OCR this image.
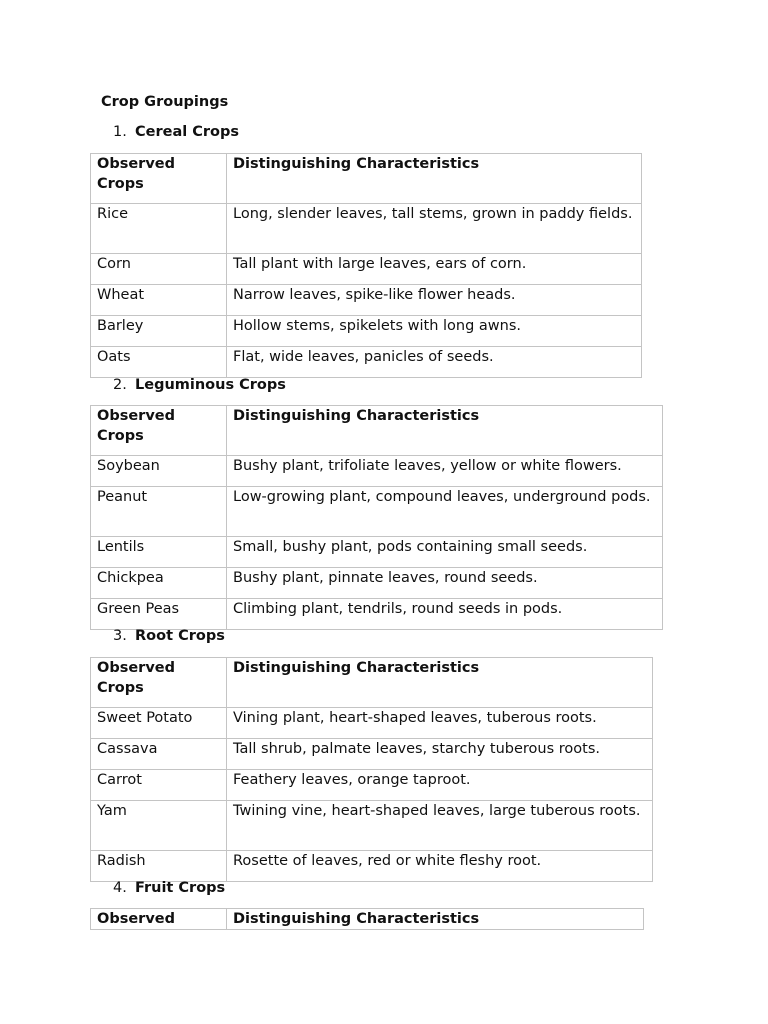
Crop Groupings
1. Cereal Crops
Observed Crops	Distinguishing Characteristics
Rice	Long, slender leaves, tall stems, grown in paddy fields.
Corn	Tall plant with large leaves, ears of corn.
Wheat	Narrow leaves, spike-like flower heads.
Barley	Hollow stems, spikelets with long awns.
Oats	Flat, wide leaves, panicles of seeds.
2. Leguminous Crops
Observed Crops	Distinguishing Characteristics
Soybean	Bushy plant, trifoliate leaves, yellow or white flowers.
Peanut	Low-growing plant, compound leaves, underground pods.
Lentils	Small, bushy plant, pods containing small seeds.
Chickpea	Bushy plant, pinnate leaves, round seeds.
Green Peas	Climbing plant, tendrils, round seeds in pods.
3. Root Crops
Observed Crops	Distinguishing Characteristics
Sweet Potato	Vining plant, heart-shaped leaves, tuberous roots.
Cassava	Tall shrub, palmate leaves, starchy tuberous roots.
Carrot	Feathery leaves, orange taproot.
Yam	Twining vine, heart-shaped leaves, large tuberous roots.
Radish	Rosette of leaves, red or white fleshy root.
4. Fruit Crops
Observed	Distinguishing Characteristics
